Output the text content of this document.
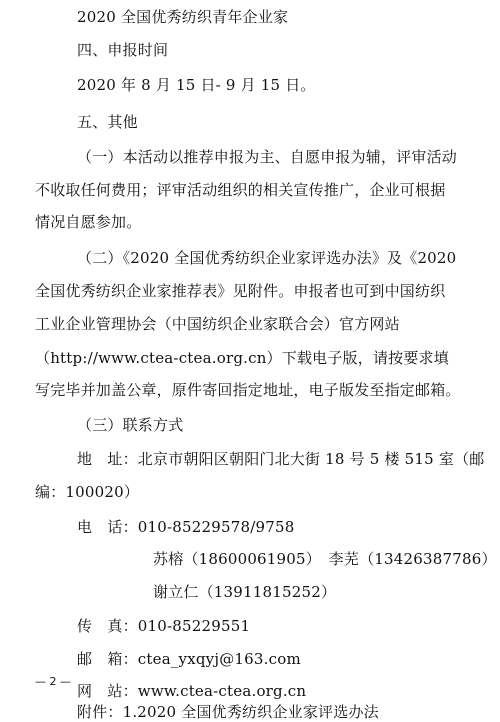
2020 全国优秀纺织青年企业家
四、申报时间
2020 年 8 月 15 日- 9 月 15 日。
五、其他
（一）本活动以推荐申报为主、自愿申报为辅，评审活动
不收取任何费用；评审活动组织的相关宣传推广，企业可根据
情况自愿参加。
（二）《2020 全国优秀纺织企业家评选办法》及《2020
全国优秀纺织企业家推荐表》见附件。申报者也可到中国纺织
工业企业管理协会（中国纺织企业家联合会）官方网站
（http://www.ctea-ctea.org.cn）下载电子版，请按要求填
写完毕并加盖公章，原件寄回指定地址，电子版发至指定邮箱。
（三）联系方式
地　址：北京市朝阳区朝阳门北大街 18 号 5 楼 515 室（邮
编：100020）
电　话：010-85229578/9758
苏榕（18600061905）　李芜（13426387786）
谢立仁（13911815252）
传　真：010-85229551
邮　箱：ctea_yxqyj@163.com
网　站：www.ctea-ctea.org.cn
附件：1.2020 全国优秀纺织企业家评选办法
— 2 —
